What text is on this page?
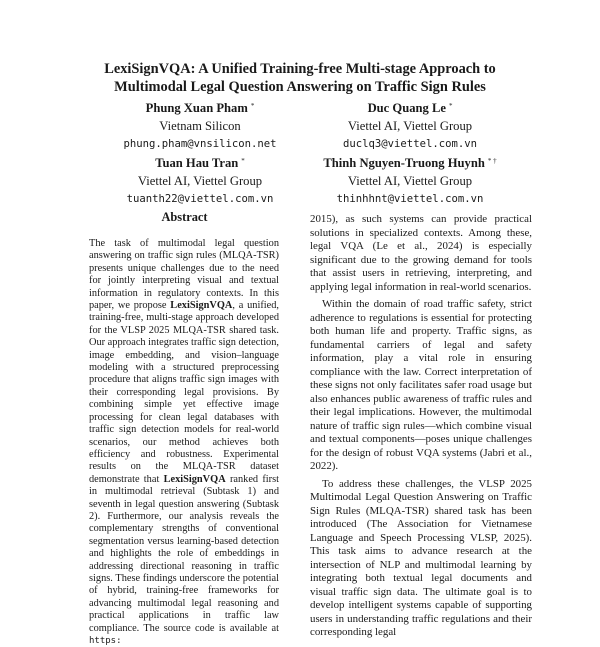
LexiSignVQA: A Unified Training-free Multi-stage Approach to
Multimodal Legal Question Answering on Traffic Sign Rules
Phung Xuan Pham *
Vietnam Silicon
phung.pham@vnsilicon.net
Duc Quang Le *
Viettel AI, Viettel Group
duclq3@viettel.com.vn
Tuan Hau Tran *
Viettel AI, Viettel Group
tuanth22@viettel.com.vn
Thinh Nguyen-Truong Huynh * †
Viettel AI, Viettel Group
thinhhnt@viettel.com.vn
Abstract

The task of multimodal legal question answering on traffic sign rules (MLQA-TSR) presents unique challenges due to the need for jointly interpreting visual and textual information in regulatory contexts. In this paper, we propose LexiSignVQA, a unified, training-free, multi-stage approach developed for the VLSP 2025 MLQA-TSR shared task. Our approach integrates traffic sign detection, image embedding, and vision–language modeling with a structured preprocessing procedure that aligns traffic sign images with their corresponding legal provisions. By combining simple yet effective image processing for clean legal databases with traffic sign detection models for real-world scenarios, our method achieves both efficiency and robustness. Experimental results on the MLQA-TSR dataset demonstrate that LexiSignVQA ranked first in multimodal retrieval (Subtask 1) and seventh in legal question answering (Subtask 2). Furthermore, our analysis reveals the complementary strengths of conventional segmentation versus learning-based detection and highlights the role of embeddings in addressing directional reasoning in traffic signs. These findings underscore the potential of hybrid, training-free frameworks for advancing multimodal legal reasoning and practical applications in traffic law compliance. The source code is available at https:

2015), as such systems can provide practical solutions in specialized contexts. Among these, legal VQA (Le et al., 2024) is especially significant due to the growing demand for tools that assist users in retrieving, interpreting, and applying legal information in real-world scenarios.

Within the domain of road traffic safety, strict adherence to regulations is essential for protecting both human life and property. Traffic signs, as fundamental carriers of legal and safety information, play a vital role in ensuring compliance with the law. Correct interpretation of these signs not only facilitates safer road usage but also enhances public awareness of traffic rules and their legal implications. However, the multimodal nature of traffic sign rules—which combine visual and textual components—poses unique challenges for the design of robust VQA systems (Jabri et al., 2022).

To address these challenges, the VLSP 2025 Multimodal Legal Question Answering on Traffic Sign Rules (MLQA-TSR) shared task has been introduced (The Association for Vietnamese Language and Speech Processing VLSP, 2025). This task aims to advance research at the intersection of NLP and multimodal learning by integrating both textual legal documents and visual traffic sign data. The ultimate goal is to develop intelligent systems capable of supporting users in understanding traffic regulations and their corresponding legal
